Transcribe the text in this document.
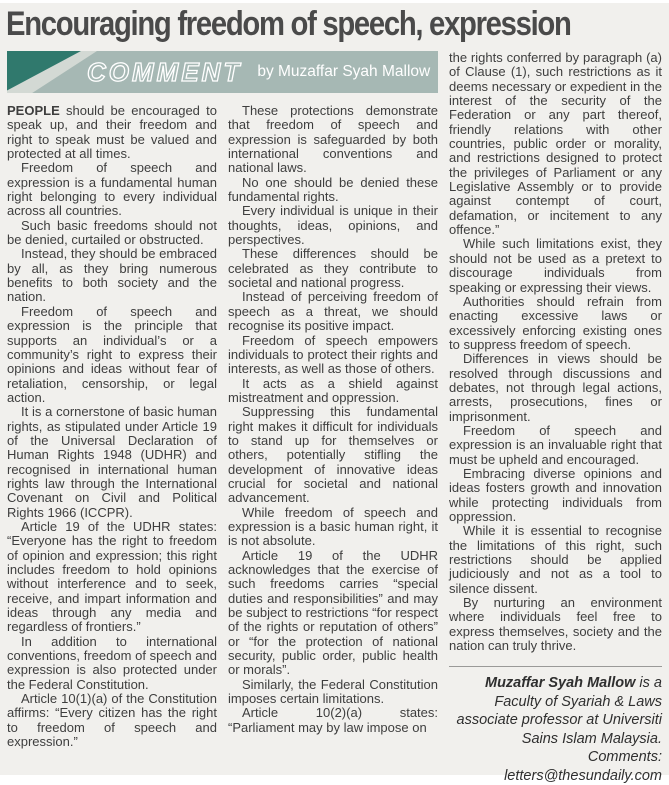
Encouraging freedom of speech, expression
COMMENT by Muzaffar Syah Mallow

PEOPLE should be encouraged to speak up, and their freedom and right to speak must be valued and protected at all times.

Freedom of speech and expression is a fundamental human right belonging to every individual across all countries.

Such basic freedoms should not be denied, curtailed or obstructed.

Instead, they should be embraced by all, as they bring numerous benefits to both society and the nation.

Freedom of speech and expression is the principle that supports an individual’s or a community’s right to express their opinions and ideas without fear of retaliation, censorship, or legal action.

It is a cornerstone of basic human rights, as stipulated under Article 19 of the Universal Declaration of Human Rights 1948 (UDHR) and recognised in international human rights law through the International Covenant on Civil and Political Rights 1966 (ICCPR).

Article 19 of the UDHR states: “Everyone has the right to freedom of opinion and expression; this right includes freedom to hold opinions without interference and to seek, receive, and impart information and ideas through any media and regardless of frontiers.”

In addition to international conventions, freedom of speech and expression is also protected under the Federal Constitution.

Article 10(1)(a) of the Constitution affirms: “Every citizen has the right to freedom of speech and expression.”

These protections demonstrate that freedom of speech and expression is safeguarded by both international conventions and national laws.

No one should be denied these fundamental rights.

Every individual is unique in their thoughts, ideas, opinions, and perspectives.

These differences should be celebrated as they contribute to societal and national progress.

Instead of perceiving freedom of speech as a threat, we should recognise its positive impact.

Freedom of speech empowers individuals to protect their rights and interests, as well as those of others.

It acts as a shield against mistreatment and oppression.

Suppressing this fundamental right makes it difficult for individuals to stand up for themselves or others, potentially stifling the development of innovative ideas crucial for societal and national advancement.

While freedom of speech and expression is a basic human right, it is not absolute.

Article 19 of the UDHR acknowledges that the exercise of such freedoms carries “special duties and responsibilities” and may be subject to restrictions “for respect of the rights or reputation of others” or “for the protection of national security, public order, public health or morals”.

Similarly, the Federal Constitution imposes certain limitations.

Article 10(2)(a) states: “Parliament may by law impose on

the rights conferred by paragraph (a) of Clause (1), such restrictions as it deems necessary or expedient in the interest of the security of the Federation or any part thereof, friendly relations with other countries, public order or morality, and restrictions designed to protect the privileges of Parliament or any Legislative Assembly or to provide against contempt of court, defamation, or incitement to any offence.”

While such limitations exist, they should not be used as a pretext to discourage individuals from speaking or expressing their views.

Authorities should refrain from enacting excessive laws or excessively enforcing existing ones to suppress freedom of speech.

Differences in views should be resolved through discussions and debates, not through legal actions, arrests, prosecutions, fines or imprisonment.

Freedom of speech and expression is an invaluable right that must be upheld and encouraged.

Embracing diverse opinions and ideas fosters growth and innovation while protecting individuals from oppression.

While it is essential to recognise the limitations of this right, such restrictions should be applied judiciously and not as a tool to silence dissent.

By nurturing an environment where individuals feel free to express themselves, society and the nation can truly thrive.

Muzaffar Syah Mallow is a Faculty of Syariah & Laws associate professor at Universiti Sains Islam Malaysia. Comments: letters@thesundaily.com
